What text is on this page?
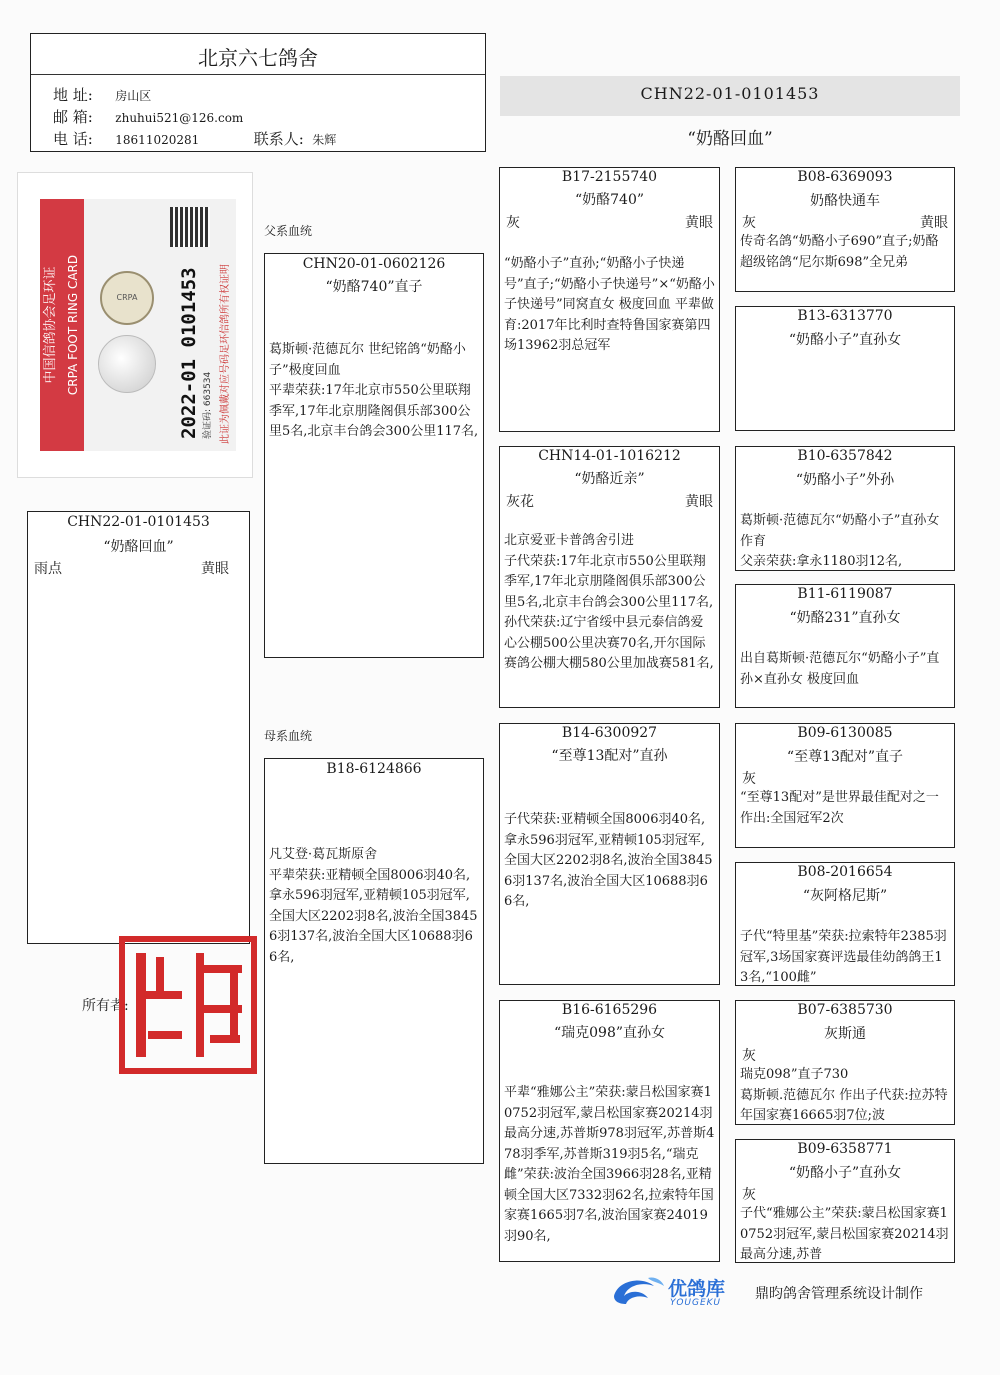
北京六七鸽舍
地 址: 房山区
邮 箱: zhuhui521@126.com
电 话: 18611020281	联系人: 朱辉
CHN22-01-0101453
“奶酪回血”
中国信鸽协会足环证 CRPA FOOT RING CARD	CRPA	2022-01 0101453 验证码: 663534 此证为佩戴对应号码足环信鸽所有权证明
父系血统
母系血统
CHN22-01-0101453
“奶酪回血”
雨点	黄眼
CHN20-01-0602126
“奶酪740”直子
葛斯顿·范德瓦尔 世纪铭鸽“奶酪小子”极度回血
平辈荣获:17年北京市550公里联翔季军,17年北京朋隆阁俱乐部300公里5名,北京丰台鸽会300公里117名,
B18-6124866
凡艾登·葛瓦斯原舍
平辈荣获:亚精顿全国8006羽40名,拿永596羽冠军,亚精顿105羽冠军,全国大区2202羽8名,波治全国38456羽137名,波治全国大区10688羽66名,
B17-2155740
“奶酪740”
灰	黄眼
“奶酪小子”直孙;“奶酪小子快递号”直子;“奶酪小子快递号”×“奶酪小子快递号”同窝直女 极度回血 平辈做育:2017年比利时查特鲁国家赛第四场13962羽总冠军
CHN14-01-1016212
“奶酪近亲”
灰花	黄眼
北京爱亚卡普鸽舍引进
子代荣获:17年北京市550公里联翔季军,17年北京朋隆阁俱乐部300公里5名,北京丰台鸽会300公里117名,
孙代荣获:辽宁省绥中县元泰信鸽爱心公棚500公里决赛70名,开尔国际赛鸽公棚大棚580公里加战赛581名,
B14-6300927
“至尊13配对”直孙
子代荣获:亚精顿全国8006羽40名,拿永596羽冠军,亚精顿105羽冠军,全国大区2202羽8名,波治全国38456羽137名,波治全国大区10688羽66名,
B16-6165296
“瑞克098”直孙女
平辈“雅娜公主”荣获:蒙吕松国家赛10752羽冠军,蒙吕松国家赛20214羽最高分速,苏普斯978羽冠军,苏普斯478羽季军,苏普斯319羽5名,“瑞克雌”荣获:波治全国3966羽28名,亚精顿全国大区7332羽62名,拉索特年国家赛1665羽7名,波治国家赛24019羽90名,
B08-6369093
奶酪快通车
灰	黄眼
传奇名鸽“奶酪小子690”直子;奶酪超级铭鸽“尼尔斯698”全兄弟
B13-6313770
“奶酪小子”直孙女
B10-6357842
“奶酪小子”外孙
葛斯顿·范德瓦尔“奶酪小子”直孙女作育
父亲荣获:拿永1180羽12名,
B11-6119087
“奶酪231”直孙女
出自葛斯顿·范德瓦尔“奶酪小子”直孙×直孙女 极度回血
B09-6130085
“至尊13配对”直子
灰
“至尊13配对”是世界最佳配对之一
作出:全国冠军2次
B08-2016654
“灰阿格尼斯”
子代“特里基”荣获:拉索特年2385羽冠军,3场国家赛评选最佳幼鸽鸽王13名,“100雌”
B07-6385730
灰斯通
灰
瑞克098”直子730
葛斯顿.范德瓦尔 作出子代获:拉苏特年国家赛16665羽7位;波
B09-6358771
“奶酪小子”直孙女
灰
子代“雅娜公主”荣获:蒙吕松国家赛10752羽冠军,蒙吕松国家赛20214羽最高分速,苏普
所有者:
优鸽库
YOUGEKU
鼎昀鸽舍管理系统设计制作
